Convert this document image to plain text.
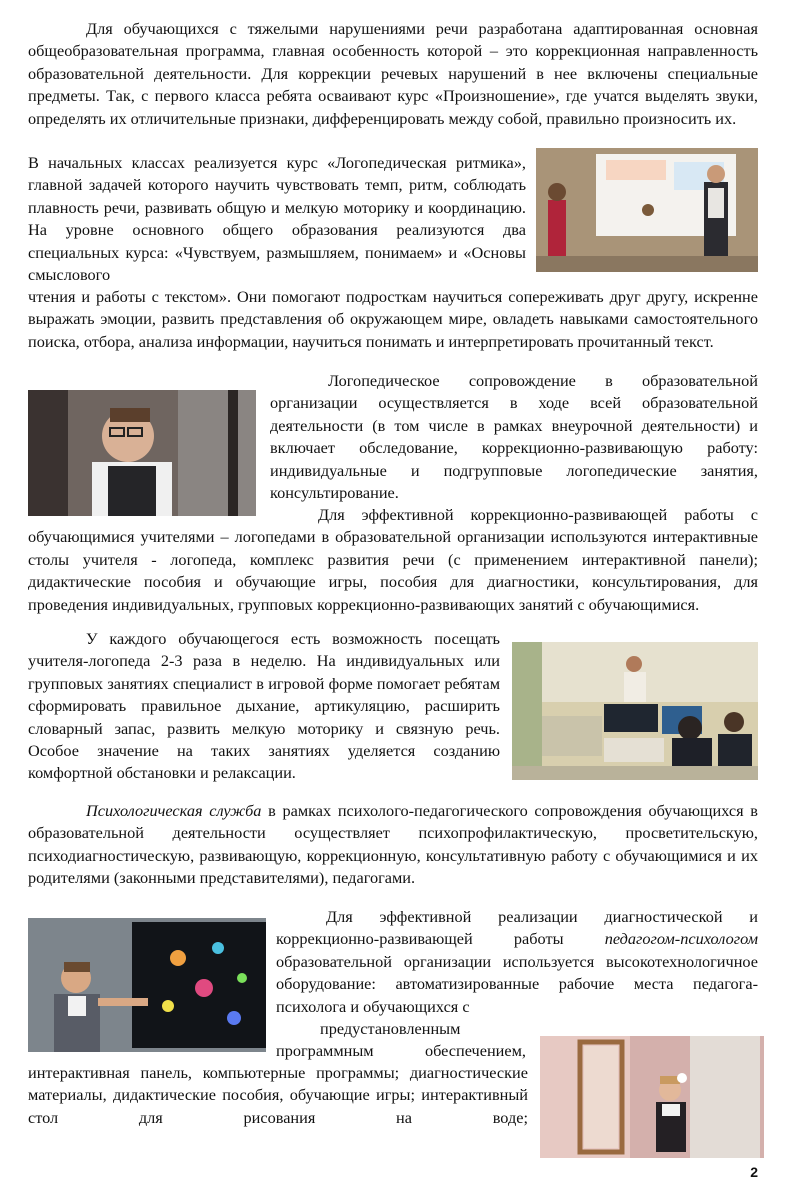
Для обучающихся с тяжелыми нарушениями речи разработана адаптированная основная общеобразовательная программа, главная особенность которой – это коррекционная направленность образовательной деятельности. Для коррекции речевых нарушений в нее включены специальные предметы. Так, с первого класса ребята осваивают курс «Произношение», где учатся выделять звуки, определять их отличительные признаки, дифференцировать между собой, правильно произносить их.

В начальных классах реализуется курс «Логопедическая ритмика», главной задачей которого научить чувствовать темп, ритм, соблюдать плавность речи, развивать общую и мелкую моторику и координацию. На уровне основного общего образования реализуются два специальных курса: «Чувствуем, размышляем, понимаем» и «Основы смыслового

чтения и работы с текстом». Они помогают подросткам научиться сопереживать друг другу, искренне выражать эмоции, развить представления об окружающем мире, овладеть навыками самостоятельного поиска, отбора, анализа информации, научиться понимать и интерпретировать прочитанный текст.

Логопедическое сопровождение в образовательной организации осуществляется в ходе всей образовательной деятельности (в том числе в рамках внеурочной деятельности) и включает обследование, коррекционно-развивающую работу: индивидуальные и подгрупповые логопедические занятия, консультирование.

Для эффективной коррекционно-развивающей работы с обучающимися учителями – логопедами в образовательной организации используются интерактивные столы учителя - логопеда, комплекс развития речи (с применением интерактивной панели); дидактические пособия и обучающие игры, пособия для диагностики, консультирования, для проведения индивидуальных, групповых коррекционно-развивающих занятий с обучающимися.

У каждого обучающегося есть возможность посещать учителя-логопеда 2-3 раза в неделю. На индивидуальных или групповых занятиях специалист в игровой форме помогает ребятам сформировать правильное дыхание, артикуляцию, расширить словарный запас, развить мелкую моторику и связную речь. Особое значение на таких занятиях уделяется созданию комфортной обстановки и релаксации.

Психологическая служба в рамках психолого-педагогического сопровождения обучающихся в образовательной деятельности осуществляет психопрофилактическую, просветительскую, психодиагностическую, развивающую, коррекционную, консультативную работу с обучающимися и их родителями (законными представителями), педагогами.

Для эффективной реализации диагностической и коррекционно-развивающей работы педагогом-психологом образовательной организации используется высокотехнологичное оборудование: автоматизированные рабочие места педагога-психолога и обучающихся с

предустановленным

программным обеспечением,

интерактивная панель, компьютерные программы; диагностические материалы, дидактические пособия, обучающие игры; интерактивный стол для рисования на воде;

2
